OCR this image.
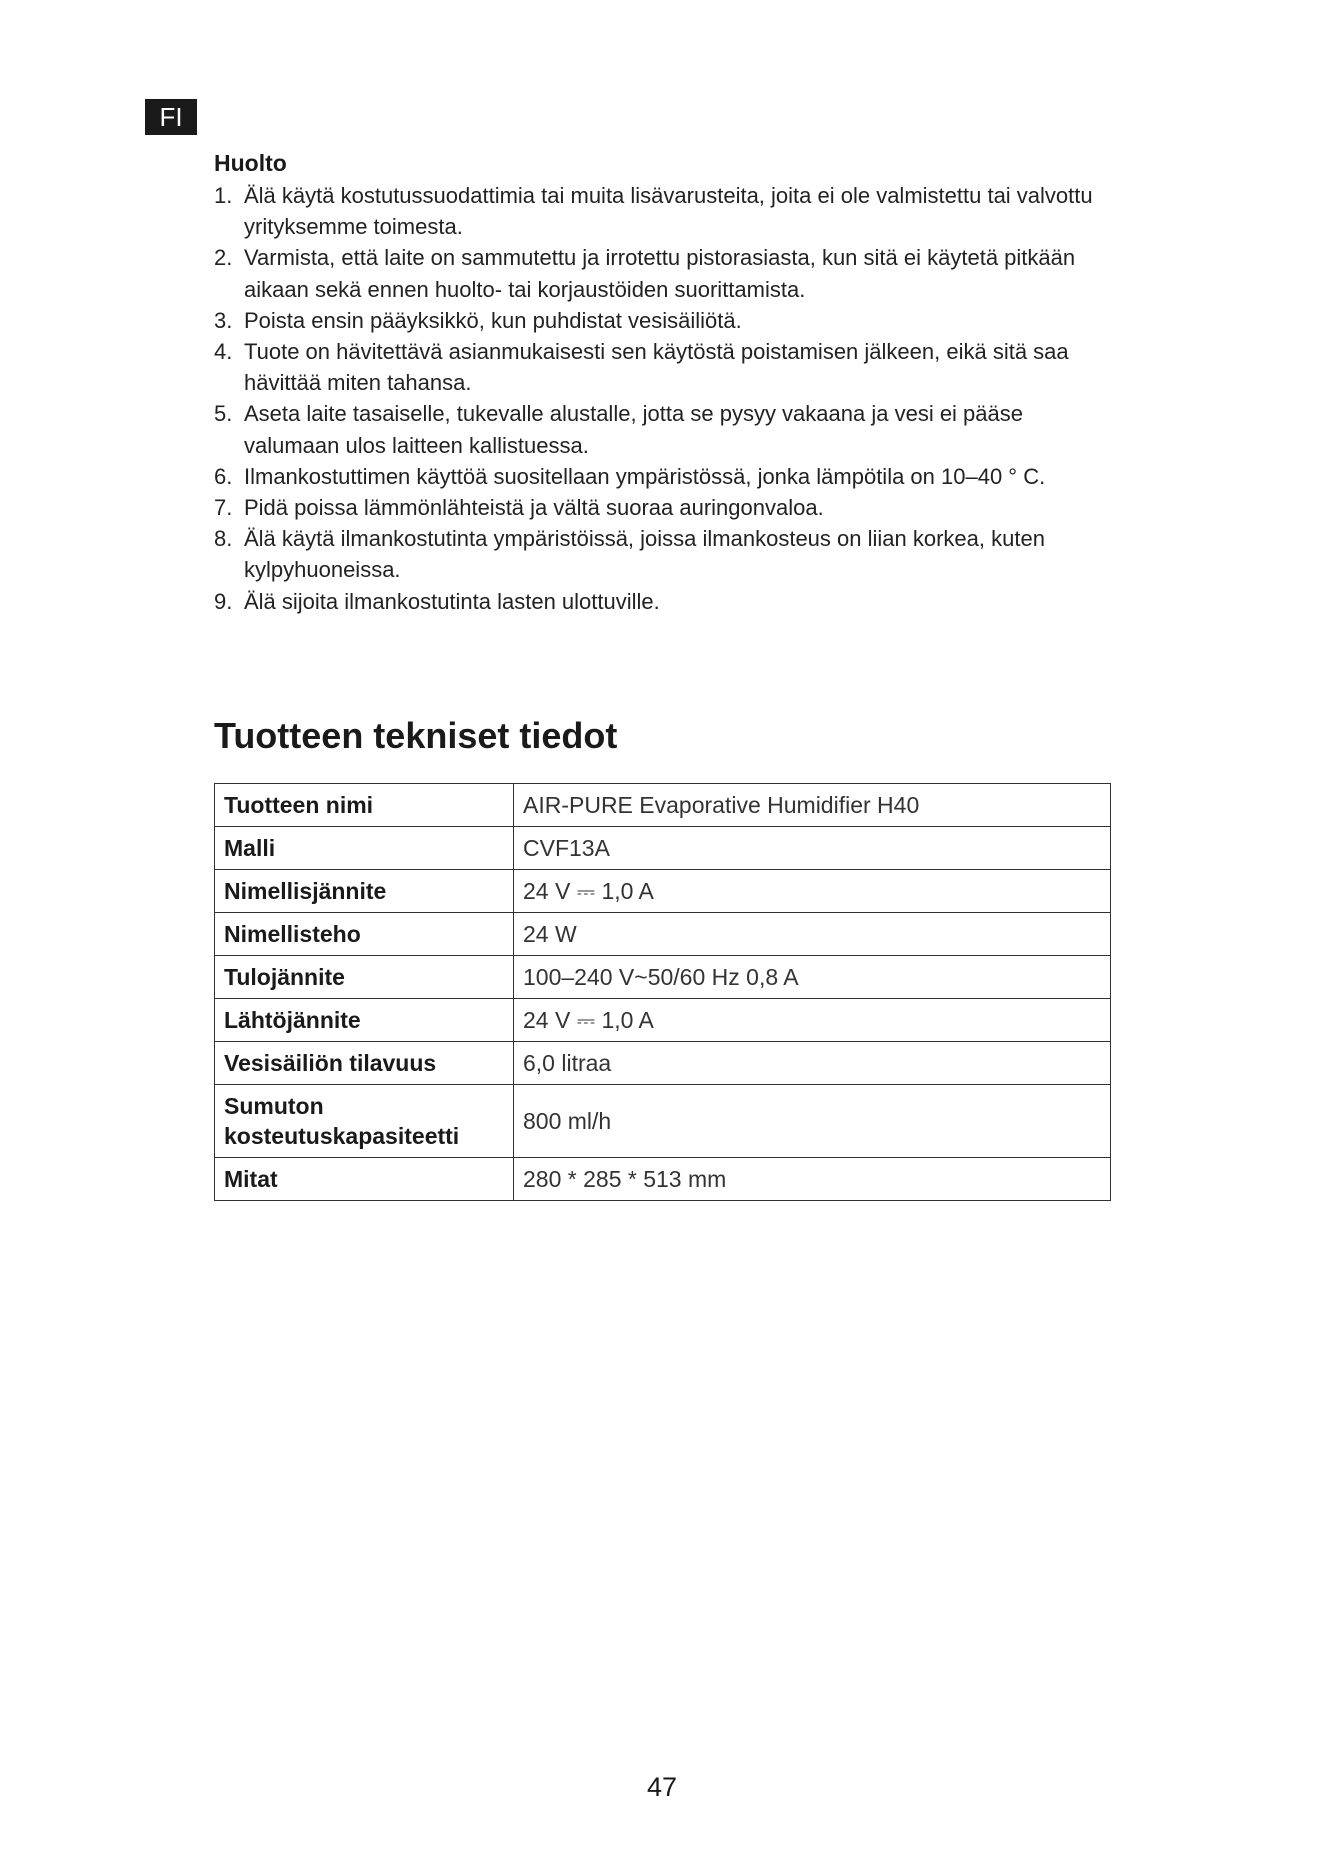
FI
Huolto
1. Älä käytä kostutussuodattimia tai muita lisävarusteita, joita ei ole valmistettu tai valvottu yrityksemme toimesta.
2. Varmista, että laite on sammutettu ja irrotettu pistorasiasta, kun sitä ei käytetä pitkään aikaan sekä ennen huolto- tai korjaustöiden suorittamista.
3. Poista ensin pääyksikkö, kun puhdistat vesisäiliötä.
4. Tuote on hävitettävä asianmukaisesti sen käytöstä poistamisen jälkeen, eikä sitä saa hävittää miten tahansa.
5. Aseta laite tasaiselle, tukevalle alustalle, jotta se pysyy vakaana ja vesi ei pääse valumaan ulos laitteen kallistuessa.
6. Ilmankostuttimen käyttöä suositellaan ympäristössä, jonka lämpötila on 10–40 ° C.
7. Pidä poissa lämmönlähteistä ja vältä suoraa auringonvaloa.
8. Älä käytä ilmankostutinta ympäristöissä, joissa ilmankosteus on liian korkea, kuten kylpyhuoneissa.
9. Älä sijoita ilmankostutinta lasten ulottuville.
Tuotteen tekniset tiedot
Tuotteen nimi	AIR-PURE Evaporative Humidifier H40
Malli	CVF13A
Nimellisjännite	24 V ⎓ 1,0 A
Nimellisteho	24 W
Tulojännite	100–240 V~50/60 Hz 0,8 A
Lähtöjännite	24 V ⎓ 1,0 A
Vesisäiliön tilavuus	6,0 litraa
Sumuton kosteutuskapasiteetti	800 ml/h
Mitat	280 * 285 * 513 mm
47
